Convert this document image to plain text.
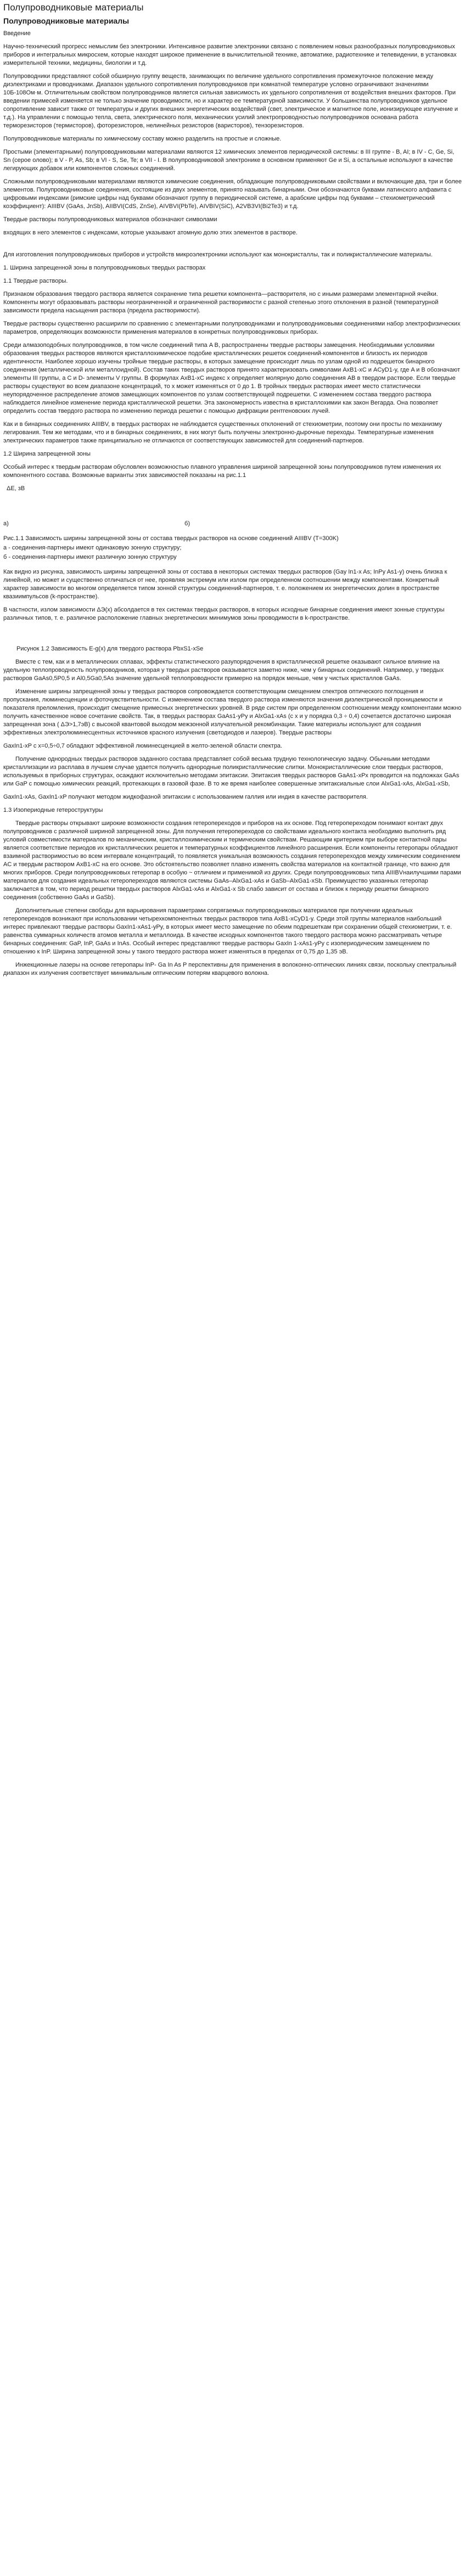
Полупроводниковые материалы
Полупроводниковые материалы

Введение

Научно-технический прогресс немыслим без электроники. Интенсивное развитие электроники связано с появлением новых разнообразных полупроводниковых приборов и интегральных микросхем, которые находят широкое применение в вычислительной технике, автоматике, радиотехнике и телевидении, в установках измерительной техники, медицины, биологии и т.д.

Полупроводники представляют собой обширную группу веществ, занимающих по величине удельного сопротивления промежуточное положение между диэлектриками и проводниками. Диапазон удельного сопротивления полупроводников при комнатной температуре условно ограничивают значениями 10Б-108Ом·м. Отличительным свойством полупроводников является сильная зависимость их удельного сопротивления от воздействия внешних факторов. При введении примесей изменяется не только значение проводимости, но и характер ее температурной зависимости. У большинства полупроводников удельное сопротивление зависит также от температуры и других внешних энергетических воздействий (свет, электрическое и магнитное поле, ионизирующее излучение и т.д.). На управлении с помощью тепла, света, электрического поля, механических усилий электропроводностью полупроводников основана работа терморезисторов (термисторов), фоторезисторов, нелинейных резисторов (варисторов), тензорезисторов.

Полупроводниковые материалы по химическому составу можно разделить на простые и сложные.

Простыми (элементарными) полупроводниковыми материалами являются 12 химических элементов периодической системы: в III группе - B, AI; в IV - C, Ge, Si, Sn (серое олово); в V - P, As, Sb; в VI - S, Se, Te; в VII - I. В полупроводниковой электронике в основном применяют Ge и Si, а остальные используют в качестве легирующих добавок или компонентов сложных соединений.

Сложными полупроводниковыми материалами являются химические соединения, обладающие полупроводниковыми свойствами и включающие два, три и более элементов. Полупроводниковые соединения, состоящие из двух элементов, принято называть бинарными. Они обозначаются буквами латинского алфавита с цифровыми индексами (римские цифры над буквами обозначают группу в периодической системе, а арабские цифры под буквами – стехиометрический коэффициент): AIIIBV (GaAs, JnSb), AIIBVI(CdS, ZnSe), AIVBVI(PbTe), AIVBIV(SiC), A2VB3VI(Bi2Te3) и т.д.

Твердые растворы полупроводниковых материалов обозначают символами

входящих в него элементов с индексами, которые указывают атомную долю этих элементов в растворе.

Для изготовления полупроводниковых приборов и устройств микроэлектроники используют как монокристаллы, так и поликристаллические материалы.

1. Ширина запрещенной зоны в полупроводниковых твердых растворах

1.1 Твердые растворы.

Признаком образования твердого раствора является сохранение типа решетки компонента—растворителя, но с иными размерами элементарной ячейки. Компоненты могут образовывать растворы неограниченной и ограниченной растворимости с разной степенью этого отклонения в разной (температурной зависимости предела насыщения раствора (предела растворимости).

Твердые растворы существенно расширили по сравнению с элементарными полупроводниками и полупроводниковыми соединениями набор электрофизических параметров, определяющих возможности применения материалов в конкретных полупроводниковых приборах.

Среди алмазоподобных полупроводников, в том числе соединений типа A B, распространены твердые растворы замещения. Необходимыми условиями образования твердых растворов являются кристаллохимическое подобие кристаллических решеток соединений-компонентов и близость их периодов идентичности. Наиболее хорошо изучены тройные твердые растворы, в которых замещение происходит лишь по узлам одной из подрешеток бинарного соединения (металлической или металлоидной). Состав таких твердых растворов принято характеризовать символами AxB1-xC и ACyD1-y, где A и B обозначают элементы III группы, а C и D- элементы V группы. В формулах AxB1-xC индекс x определяет молярную долю соединения AB в твердом растворе. Если твердые растворы существуют во всем диапазоне концентраций, то x может изменяться от 0 до 1. В тройных твердых растворах имеет место статистически неупорядоченное распределение атомов замещающих компонентов по узлам соответствующей подрешетки. С изменением состава твердого раствора наблюдается линейное изменение периода кристаллической решетки. Эта закономерность известна в кристаллохимии как закон Вегарда. Она позволяет определить состав твердого раствора по изменению периода решетки с помощью дифракции рентгеновских лучей.

Как и в бинарных соединениях AIIIBV, в твердых растворах не наблюдается существенных отклонений от стехиометрии, поэтому они просты по механизму легирования. Тем же методами, что и в бинарных соединениях, в них могут быть получены электронно-дырочные переходы. Температурные изменения электрических параметров также принципиально не отличаются от соответствующих зависимостей для соединений-партнеров.

1.2 Ширина запрещенной зоны

Особый интерес к твердым растворам обусловлен возможностью плавного управления шириной запрещенной зоны полупроводников путем изменения их компонентного состава. Возможные варианты этих зависимостей показаны на рис.1.1

ΔE, зВ

а)	б)
Рис.1.1 Зависимость ширины запрещенной зоны от состава твердых растворов на основе соединений AIIIBV (T=300K)
а - соединения-партнеры имеют одинаковую зонную структуру;
б - соединения-партнеры имеют различную зонную структуру

Как видно из рисунка, зависимость ширины запрещенной зоны от состава в некоторых системах твердых растворов (Gay In1-x As; InPy As1-y) очень близка к линейной, но может и существенно отличаться от нее, проявляя экстремум или излом при определенном соотношении между компонентами. Конкретный характер зависимости во многом определяется типом зонной структуры соединений-партнеров, т. е. положением их энергетических долин в пространстве квазиимпульсов (k-пространстве).

В частности, излом зависимости ΔЭ(x) абсолдается в тех системах твердых растворов, в которых исходные бинарные соединения имеют зонные структуры различных типов, т. е. различное расположение главных энергетических минимумов зоны проводимости в k-пространстве.

Рисунок 1.2 Зависимость E-g(x) для твердого раствора PbxS1-xSe

Вместе с тем, как и в металлических сплавах, эффекты статистического разупорядочения в кристаллической решетке оказывают сильное влияние на удельную теплопроводность полупроводников, которая у твердых растворов оказывается заметно ниже, чем у бинарных соединений. Например, у твердых растворов GaAs0,5P0,5 и Al0,5Ga0,5As значение удельной теплопроводности примерно на порядок меньше, чем у чистых кристаллов GaAs.

Изменение ширины запрещенной зоны у твердых растворов сопровождается соответствующим смещением спектров оптического поглощения и пропускания, люминесценции и фоточувствительности. С изменением состава твердого раствора изменяются значения диэлектрической проницаемости и показателя преломления, происходит смещение примесных энергетических уровней. В ряде систем при определенном соотношении между компонентами можно получить качественное новое сочетание свойств. Так, в твердых растворах GaAs1-yPy и AlxGa1-xAs (с x и y порядка 0,3 ÷ 0,4) сочетается достаточно широкая запрещенная зона ( ΔЭ>1,7эВ) с высокой квантовой выходом межзонной излучательной рекомбинации. Такие материалы используют для создания эффективных электролюминесцентных источников красного излучения (светодиодов и лазеров). Твердые растворы

GaxIn1-xP с x=0,5÷0,7 обладают эффективной люминесценцией в желто-зеленой области спектра.

Получение однородных твердых растворов заданного состава представляет собой весьма трудную технологическую задачу. Обычными методами кристаллизации из расплава в лучшем случае удается получить однородные поликристаллические слитки. Монокристаллические слои твердых растворов, используемых в приборных структурах, осаждают исключительно методами эпитаксии. Эпитаксия твердых растворов GaAs1-xPx проводится на подложках GaAs или GaP с помощью химических реакций, протекающих в газовой фазе. В то же время наиболее совершенные эпитаксиальные слои AlxGa1-xAs, AlxGa1-xSb,

GaxIn1-xAs, GaxIn1-xP получают методом жидкофазной эпитаксии с использованием галлия или индия в качестве растворителя.

1.3 Изопериодные гетероструктуры

Твердые растворы открывают широкие возможности создания гетеропереходов и приборов на их основе. Под гетеропереходом понимают контакт двух полупроводников с различной шириной запрещенной зоны. Для получения гетеропереходов со свойствами идеального контакта необходимо выполнить ряд условий совместимости материалов по механическим, кристаллохимическим и термическим свойствам. Решающим критерием при выборе контактной пары является соответствие периодов их кристаллических решеток и температурных коэффициентов линейного расширения. Если компоненты гетеропары обладают взаимной растворимостью во всем интервале концентраций, то появляется уникальная возможность создания гетеропереходов между химическим соединением AC и твердым раствором AxB1-xC на его основе. Это обстоятельство позволяет плавно изменять свойства материалов на контактной границе, что важно для многих приборов. Среди полупроводниковых гетеропар в особую ~ отличием и применимой из других. Среди полупроводниковых типа AIIIBVнаилучшими парами материалов для создания идеальных гетеропереходов являются системы GaAs–AlxGa1-xAs и GaSb–AlxGa1-xSb. Преимущество указанных гетеропар заключается в том, что период решетки твердых растворов AlxGa1-xAs и AlxGa1-x Sb слабо зависит от состава и близок к периоду решетки бинарного соединения (собственно GaAs и GaSb).

Дополнительные степени свободы для варьирования параметрами сопрягаемых полупроводниковых материалов при получении идеальных гетеропереходов возникают при использовании четырехкомпонентных твердых растворов типа AxB1-xCyD1-y. Среди этой группы материалов наибольший интерес привлекают твердые растворы GaxIn1-xAs1-yPy, в которых имеет место замещение по обеим подрешеткам при сохранении общей стехиометрии, т. е. равенства суммарных количеств атомов металла и металлоида. В качестве исходных компонентов такого твердого раствора можно рассматривать четыре бинарных соединения: GaP, InP, GaAs и InAs. Особый интерес представляют твердые растворы GaxIn 1-xAs1-yPy с изопериодическим замещением по отношению к InP. Ширина запрещенной зоны у такого твердого раствора может изменяться в пределах от 0,75 до 1,35 эВ.

Инжекционные лазеры на основе гетеропары InP- Ga In As P перспективны для применения в волоконно-оптических линиях связи, поскольку спектральный диапазон их излучения соответствует минимальным оптическим потерям кварцевого волокна.
